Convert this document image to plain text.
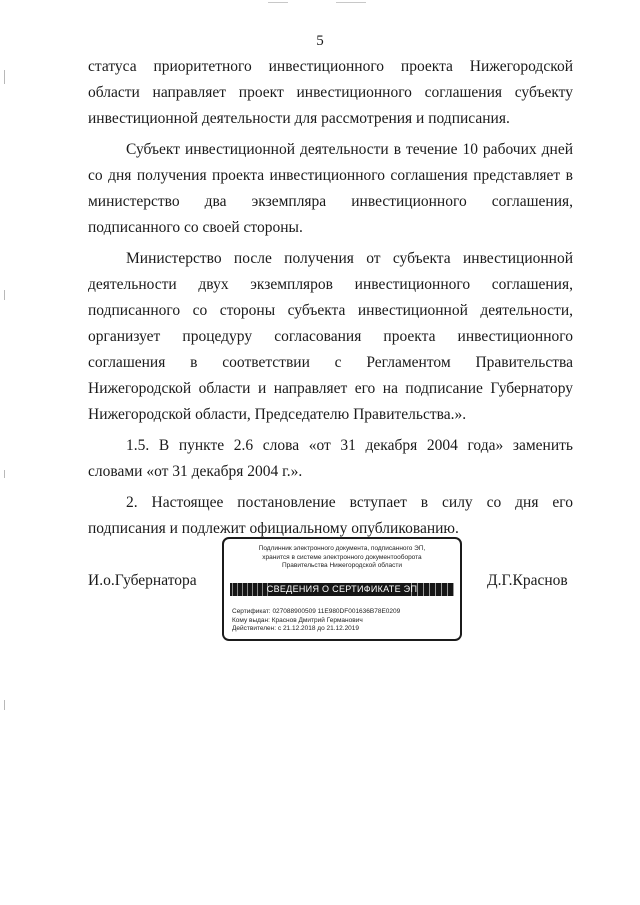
5

статуса приоритетного инвестиционного проекта Нижегородской области направляет проект инвестиционного соглашения субъекту инвестиционной деятельности для рассмотрения и подписания.

Субъект инвестиционной деятельности в течение 10 рабочих дней со дня получения проекта инвестиционного соглашения представляет в министерство два экземпляра инвестиционного соглашения, подписанного со своей стороны.

Министерство после получения от субъекта инвестиционной деятельности двух экземпляров инвестиционного соглашения, подписанного со стороны субъекта инвестиционной деятельности, организует процедуру согласования проекта инвестиционного соглашения в соответствии с Регламентом Правительства Нижегородской области и направляет его на подписание Губернатору Нижегородской области, Председателю Правительства.».

1.5. В пункте 2.6 слова «от 31 декабря 2004 года» заменить словами «от 31 декабря 2004 г.».

2. Настоящее постановление вступает в силу со дня его подписания и подлежит официальному опубликованию.

И.о.Губернатора
Подлинник электронного документа, подписанного ЭП,
хранится в системе электронного документооборота
Правительства Нижегородской области
СВЕДЕНИЯ О СЕРТИФИКАТЕ ЭП
Сертификат: 027088900509 11E980DF001636B78E0209
Кому выдан: Краснов Дмитрий Германович
Действителен: с 21.12.2018 до 21.12.2019
Д.Г.Краснов
